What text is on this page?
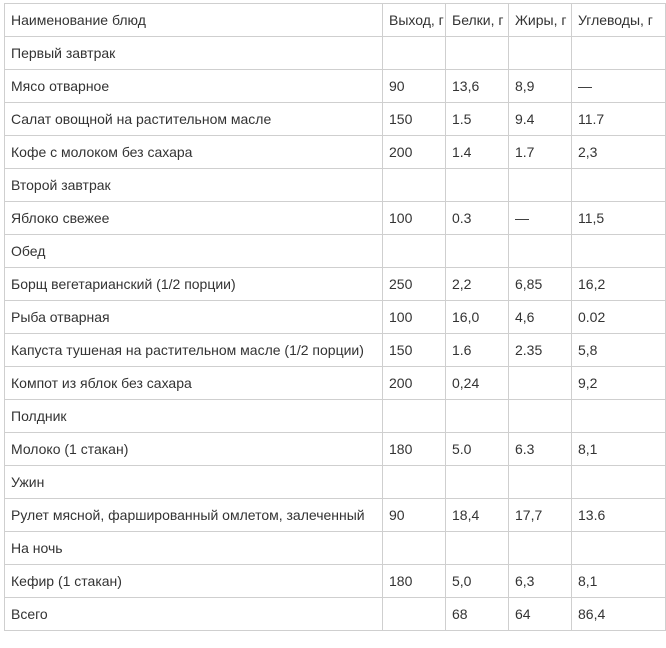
Наименование блюд	Выход, г	Белки, г	Жиры, г	Углеводы, г
Первый завтрак				
Мясо отварное	90	13,6	8,9	—
Салат овощной на растительном масле	150	1.5	9.4	11.7
Кофе с молоком без сахара	200	1.4	1.7	2,3
Второй завтрак				
Яблоко свежее	100	0.3	—	11,5
Обед				
Борщ вегетарианский (1/2 порции)	250	2,2	6,85	16,2
Рыба отварная	100	16,0	4,6	0.02
Капуста тушеная на растительном масле (1/2 порции)	150	1.6	2.35	5,8
Компот из яблок без сахара	200	0,24		9,2
Полдник				
Молоко (1 стакан)	180	5.0	6.3	8,1
Ужин				
Рулет мясной, фаршированный омлетом, залеченный	90	18,4	17,7	13.6
На ночь				
Кефир (1 стакан)	180	5,0	6,3	8,1
Всего		68	64	86,4
